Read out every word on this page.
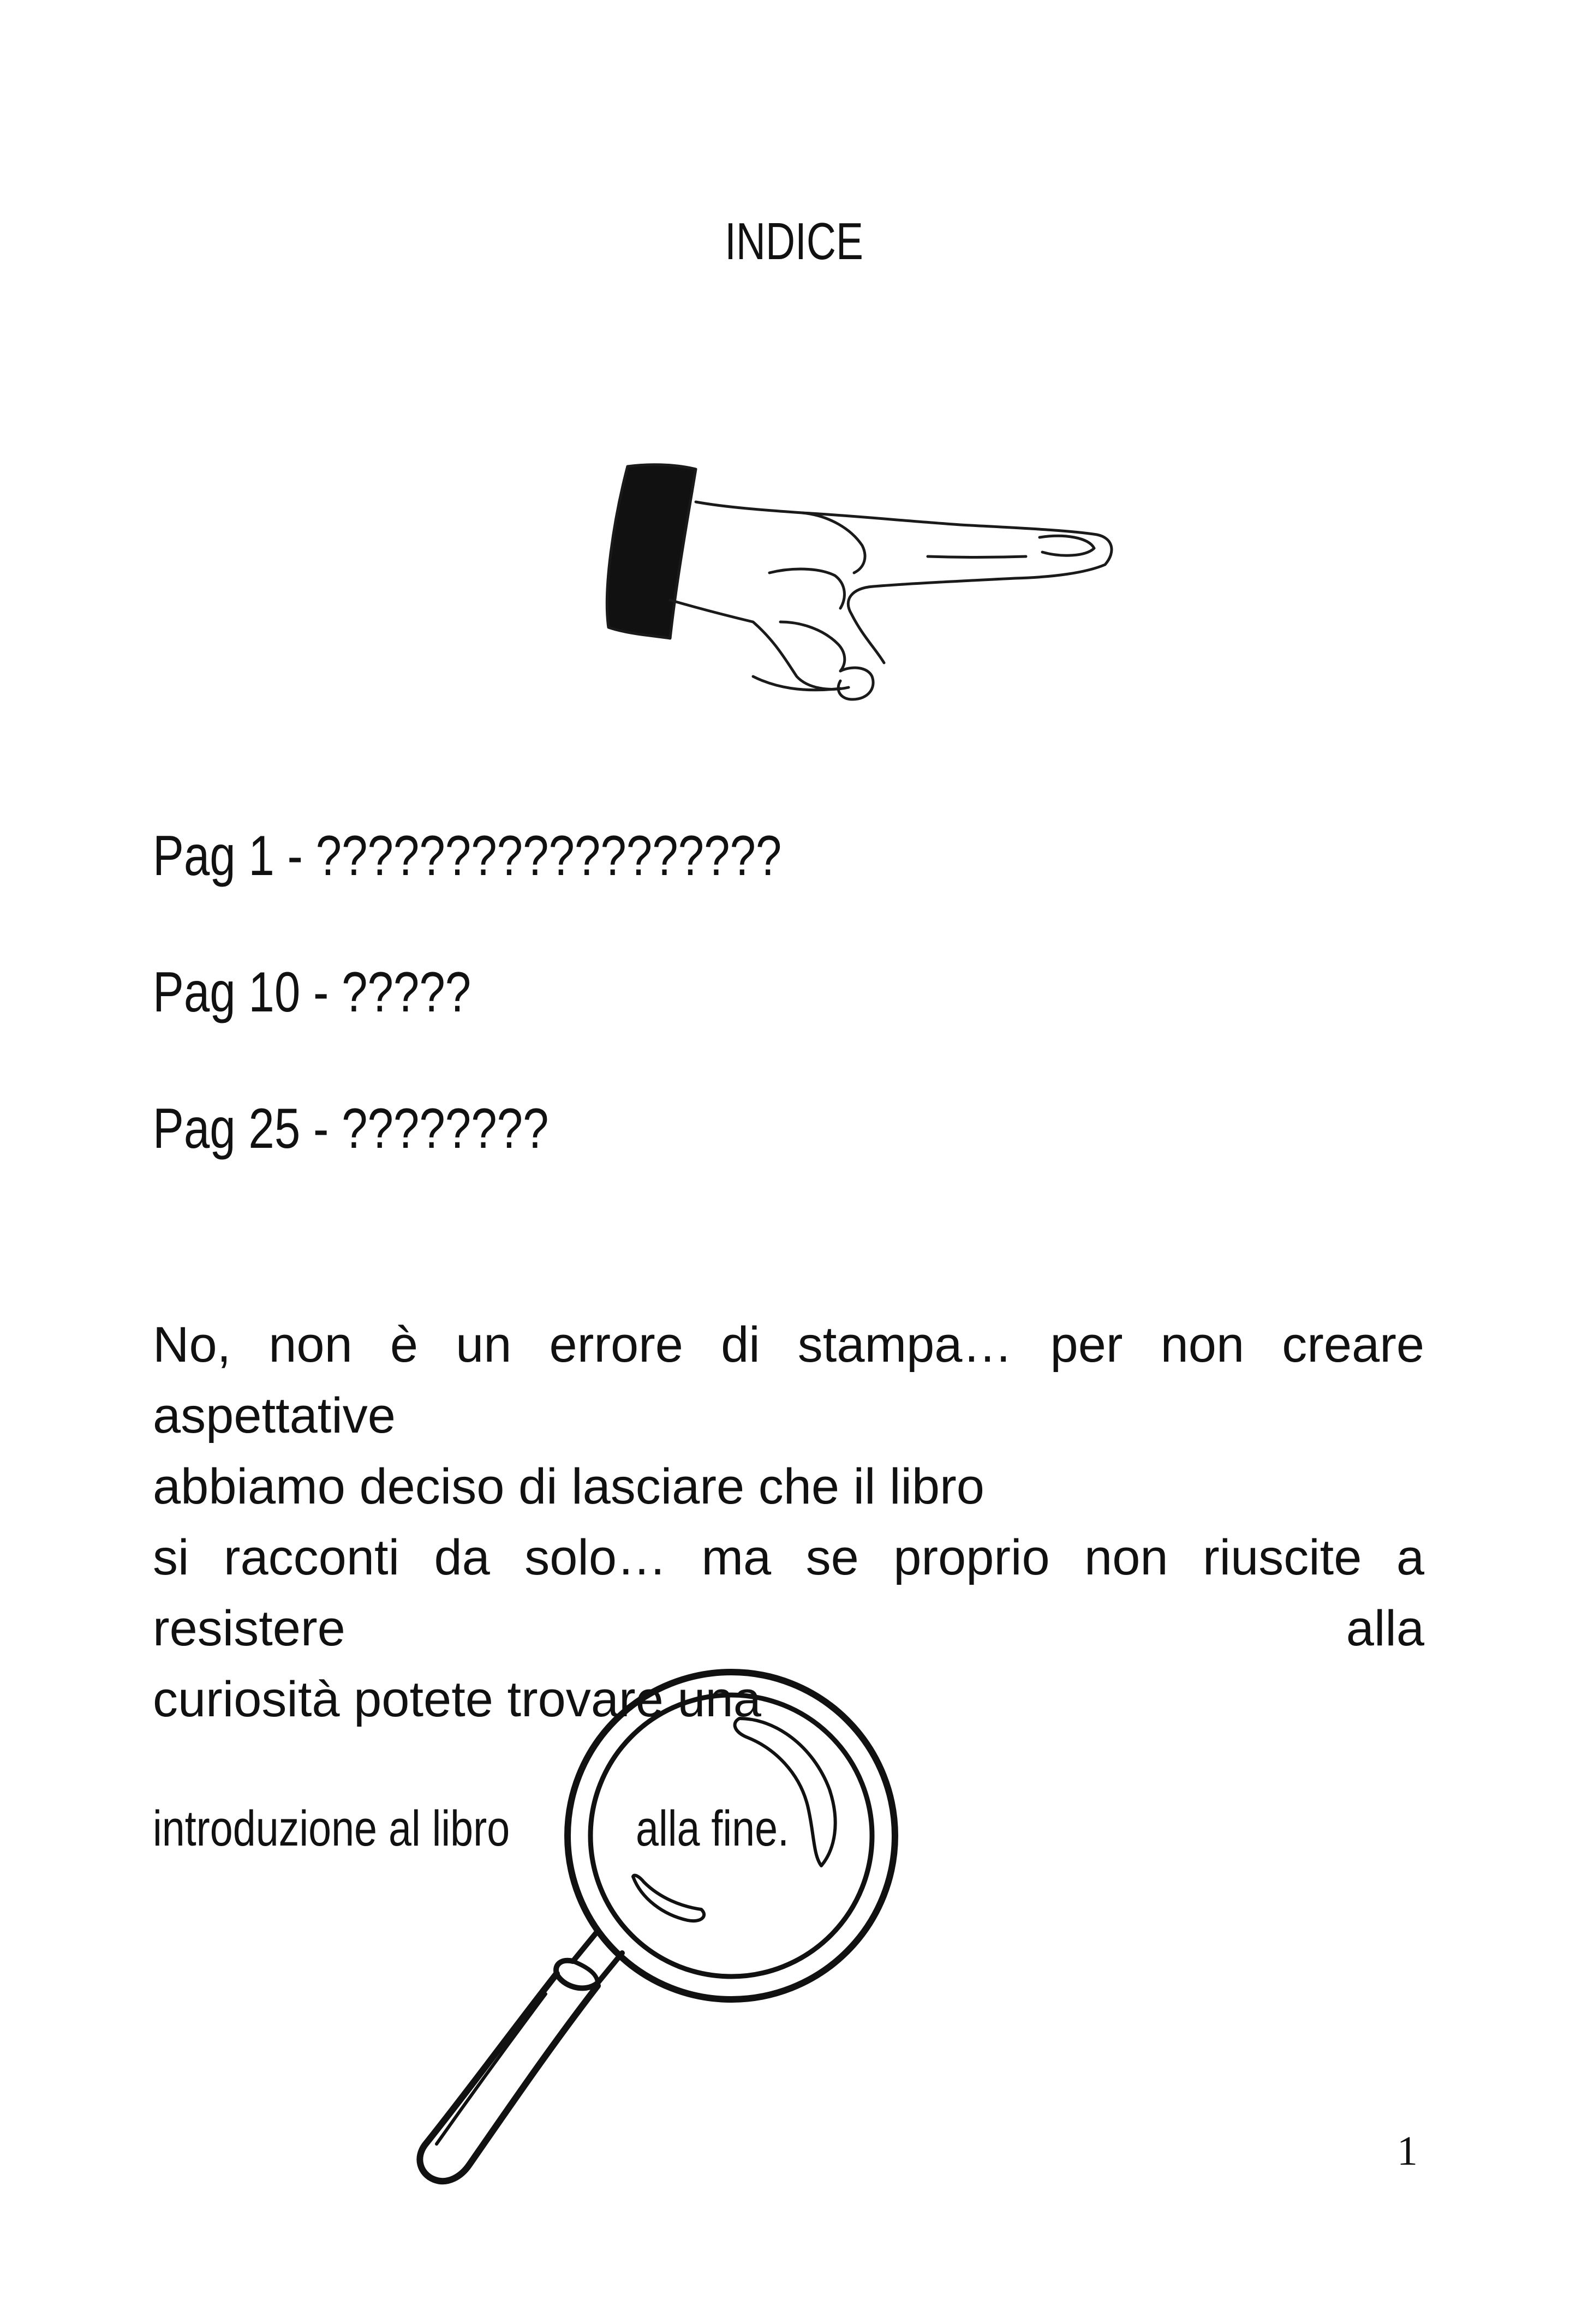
INDICE
Pag 1 - ??????????????????
Pag 10 - ?????
Pag 25 - ????????
No, non è un errore di stampa… per non creare aspettative
abbiamo deciso di lasciare che il libro
si racconti da solo… ma se proprio non riuscite a resistere alla
curiosità potete trovare una
introduzione al libro	alla fine.
1
